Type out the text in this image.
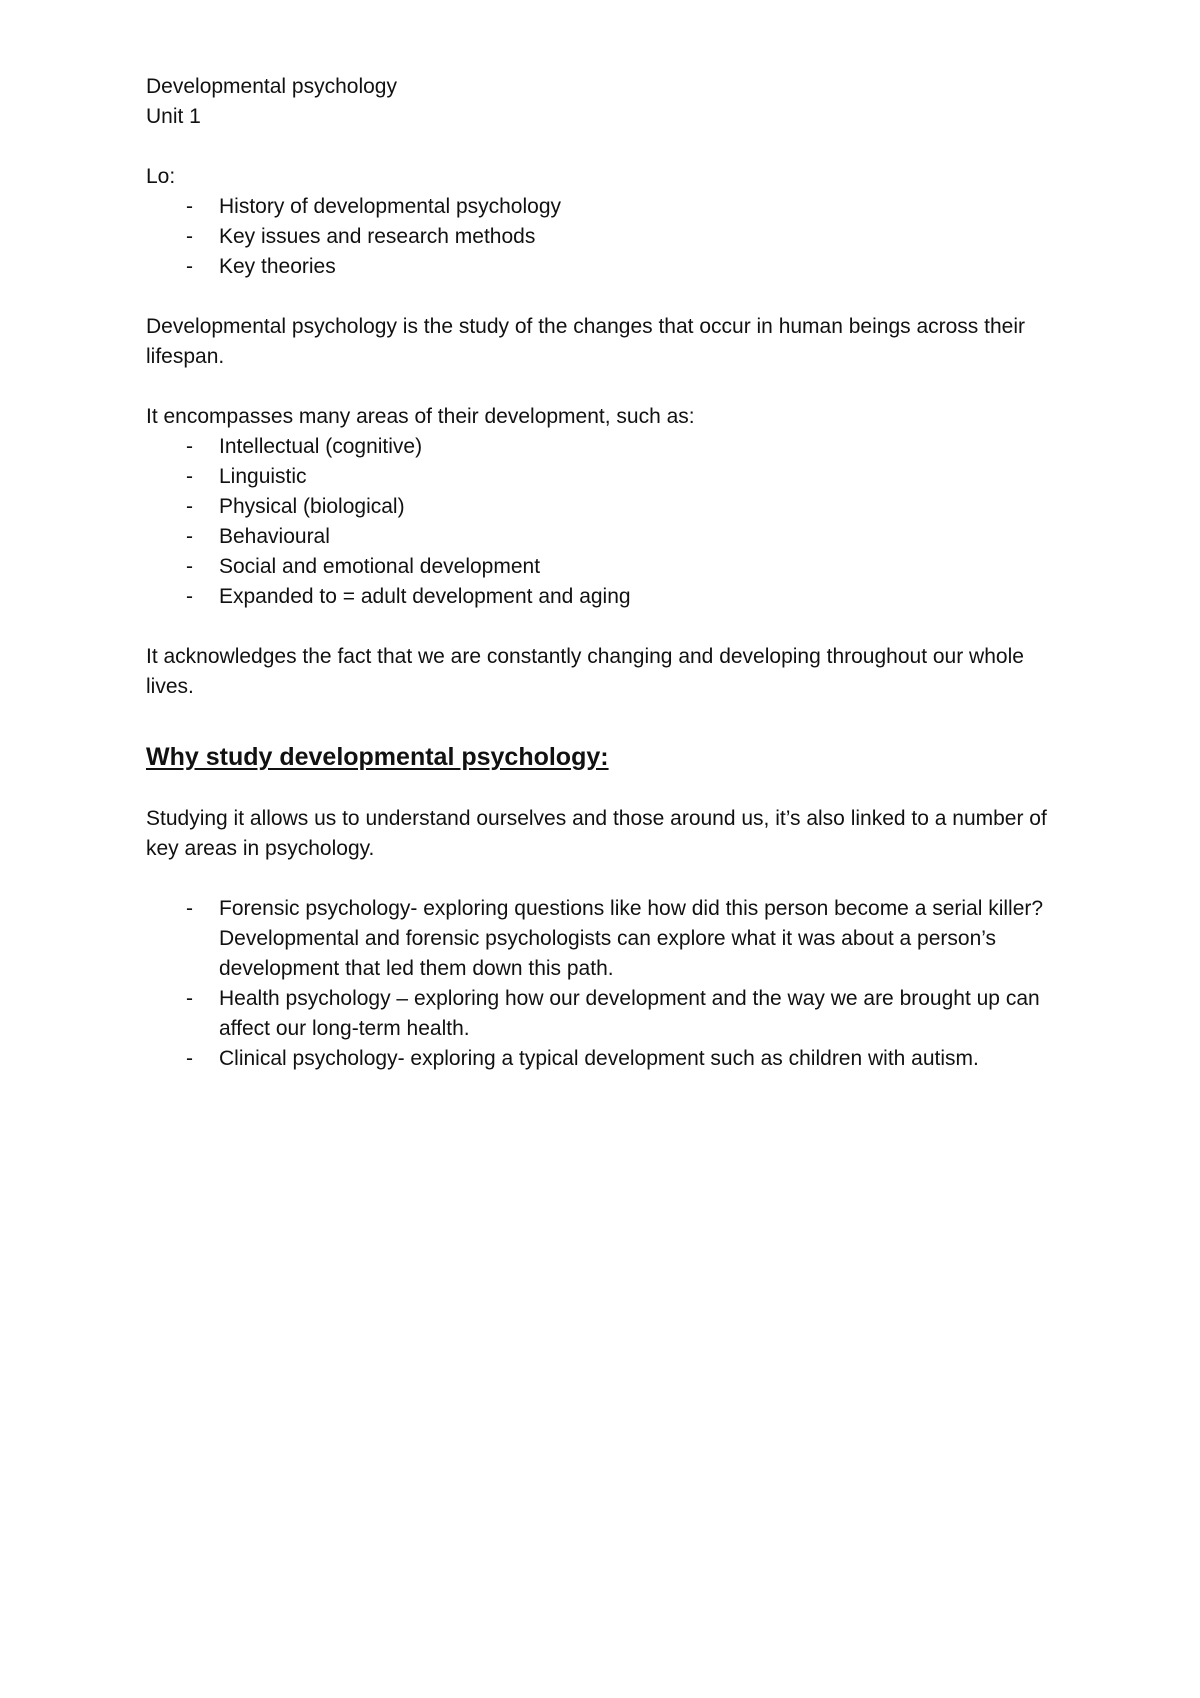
Developmental psychology
Unit 1
Lo:
- History of developmental psychology
- Key issues and research methods
- Key theories

Developmental psychology is the study of the changes that occur in human beings across their lifespan.

It encompasses many areas of their development, such as:
- Intellectual (cognitive)
- Linguistic
- Physical (biological)
- Behavioural
- Social and emotional development
- Expanded to = adult development and aging

It acknowledges the fact that we are constantly changing and developing throughout our whole lives.

Why study developmental psychology:

Studying it allows us to understand ourselves and those around us, it’s also linked to a number of key areas in psychology.

- Forensic psychology- exploring questions like how did this person become a serial killer? Developmental and forensic psychologists can explore what it was about a person’s development that led them down this path.
- Health psychology – exploring how our development and the way we are brought up can affect our long-term health.
- Clinical psychology- exploring a typical development such as children with autism.
